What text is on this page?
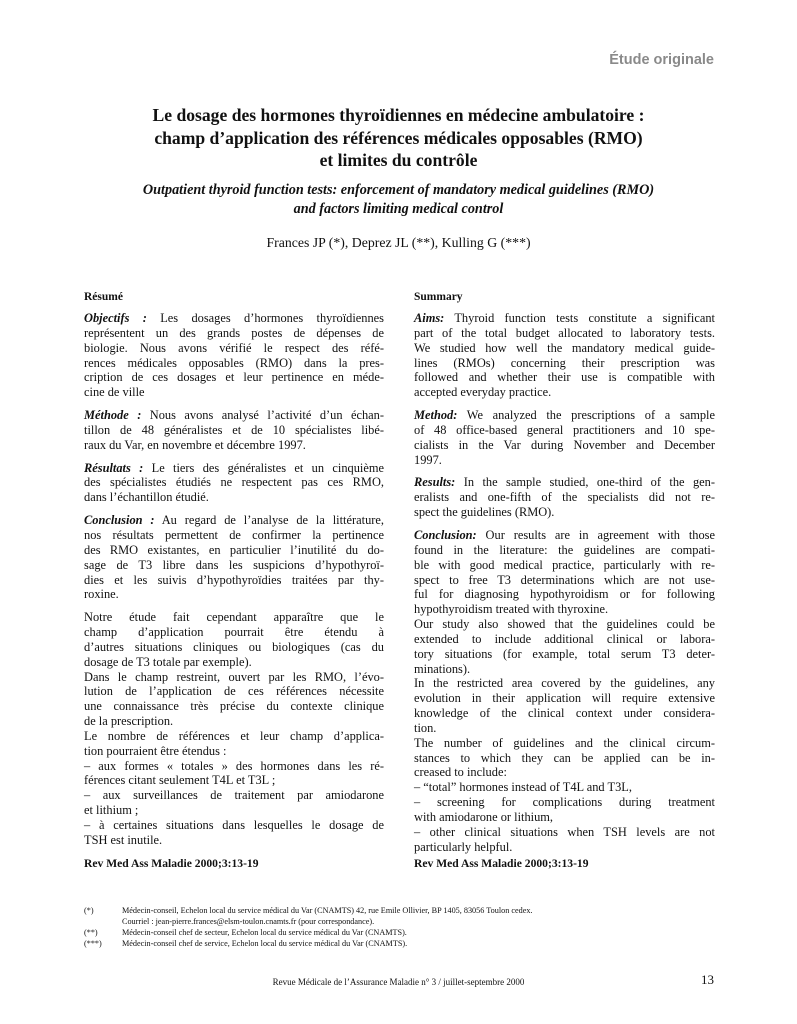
Étude originale
Le dosage des hormones thyroïdiennes en médecine ambulatoire :
champ d’application des références médicales opposables (RMO)
et limites du contrôle
Outpatient thyroid function tests: enforcement of mandatory medical guidelines (RMO)
and factors limiting medical control
Frances JP (*), Deprez JL (**), Kulling G (***)
Résumé

Objectifs : Les dosages d’hormones thyroïdiennes
représentent un des grands postes de dépenses de
biologie. Nous avons vérifié le respect des réfé-
rences médicales opposables (RMO) dans la pres-
cription de ces dosages et leur pertinence en méde-
cine de ville

Méthode : Nous avons analysé l’activité d’un échan-
tillon de 48 généralistes et de 10 spécialistes libé-
raux du Var, en novembre et décembre 1997.

Résultats : Le tiers des généralistes et un cinquième
des spécialistes étudiés ne respectent pas ces RMO,
dans l’échantillon étudié.

Conclusion : Au regard de l’analyse de la littérature,
nos résultats permettent de confirmer la pertinence
des RMO existantes, en particulier l’inutilité du do-
sage de T3 libre dans les suspicions d’hypothyroï-
dies et les suivis d’hypothyroïdies traitées par thy-
roxine.

Notre étude fait cependant apparaître que le
champ d’application pourrait être étendu à
d’autres situations cliniques ou biologiques (cas du
dosage de T3 totale par exemple).
Dans le champ restreint, ouvert par les RMO, l’évo-
lution de l’application de ces références nécessite
une connaissance très précise du contexte clinique
de la prescription.
Le nombre de références et leur champ d’applica-
tion pourraient être étendus :
– aux formes « totales » des hormones dans les ré-
férences citant seulement T4L et T3L ;
– aux surveillances de traitement par amiodarone
et lithium ;
– à certaines situations dans lesquelles le dosage de
TSH est inutile.

Rev Med Ass Maladie 2000;3:13-19
Summary

Aims: Thyroid function tests constitute a significant
part of the total budget allocated to laboratory tests.
We studied how well the mandatory medical guide-
lines (RMOs) concerning their prescription was
followed and whether their use is compatible with
accepted everyday practice.

Method: We analyzed the prescriptions of a sample
of 48 office-based general practitioners and 10 spe-
cialists in the Var during November and December
1997.

Results: In the sample studied, one-third of the gen-
eralists and one-fifth of the specialists did not re-
spect the guidelines (RMO).

Conclusion: Our results are in agreement with those
found in the literature: the guidelines are compati-
ble with good medical practice, particularly with re-
spect to free T3 determinations which are not use-
ful for diagnosing hypothyroidism or for following
hypothyroidism treated with thyroxine.
Our study also showed that the guidelines could be
extended to include additional clinical or labora-
tory situations (for example, total serum T3 deter-
minations).
In the restricted area covered by the guidelines, any
evolution in their application will require extensive
knowledge of the clinical context under considera-
tion.
The number of guidelines and the clinical circum-
stances to which they can be applied can be in-
creased to include:
– “total” hormones instead of T4L and T3L,
– screening for complications during treatment
with amiodarone or lithium,
– other clinical situations when TSH levels are not
particularly helpful.

Rev Med Ass Maladie 2000;3:13-19
(*)	Médecin-conseil, Echelon local du service médical du Var (CNAMTS) 42, rue Emile Ollivier, BP 1405, 83056 Toulon cedex.
Courriel : jean-pierre.frances@elsm-toulon.cnamts.fr (pour correspondance).
(**)	Médecin-conseil chef de secteur, Echelon local du service médical du Var (CNAMTS).
(***)	Médecin-conseil chef de service, Echelon local du service médical du Var (CNAMTS).
Revue Médicale de l’Assurance Maladie n° 3 / juillet-septembre 2000	13
